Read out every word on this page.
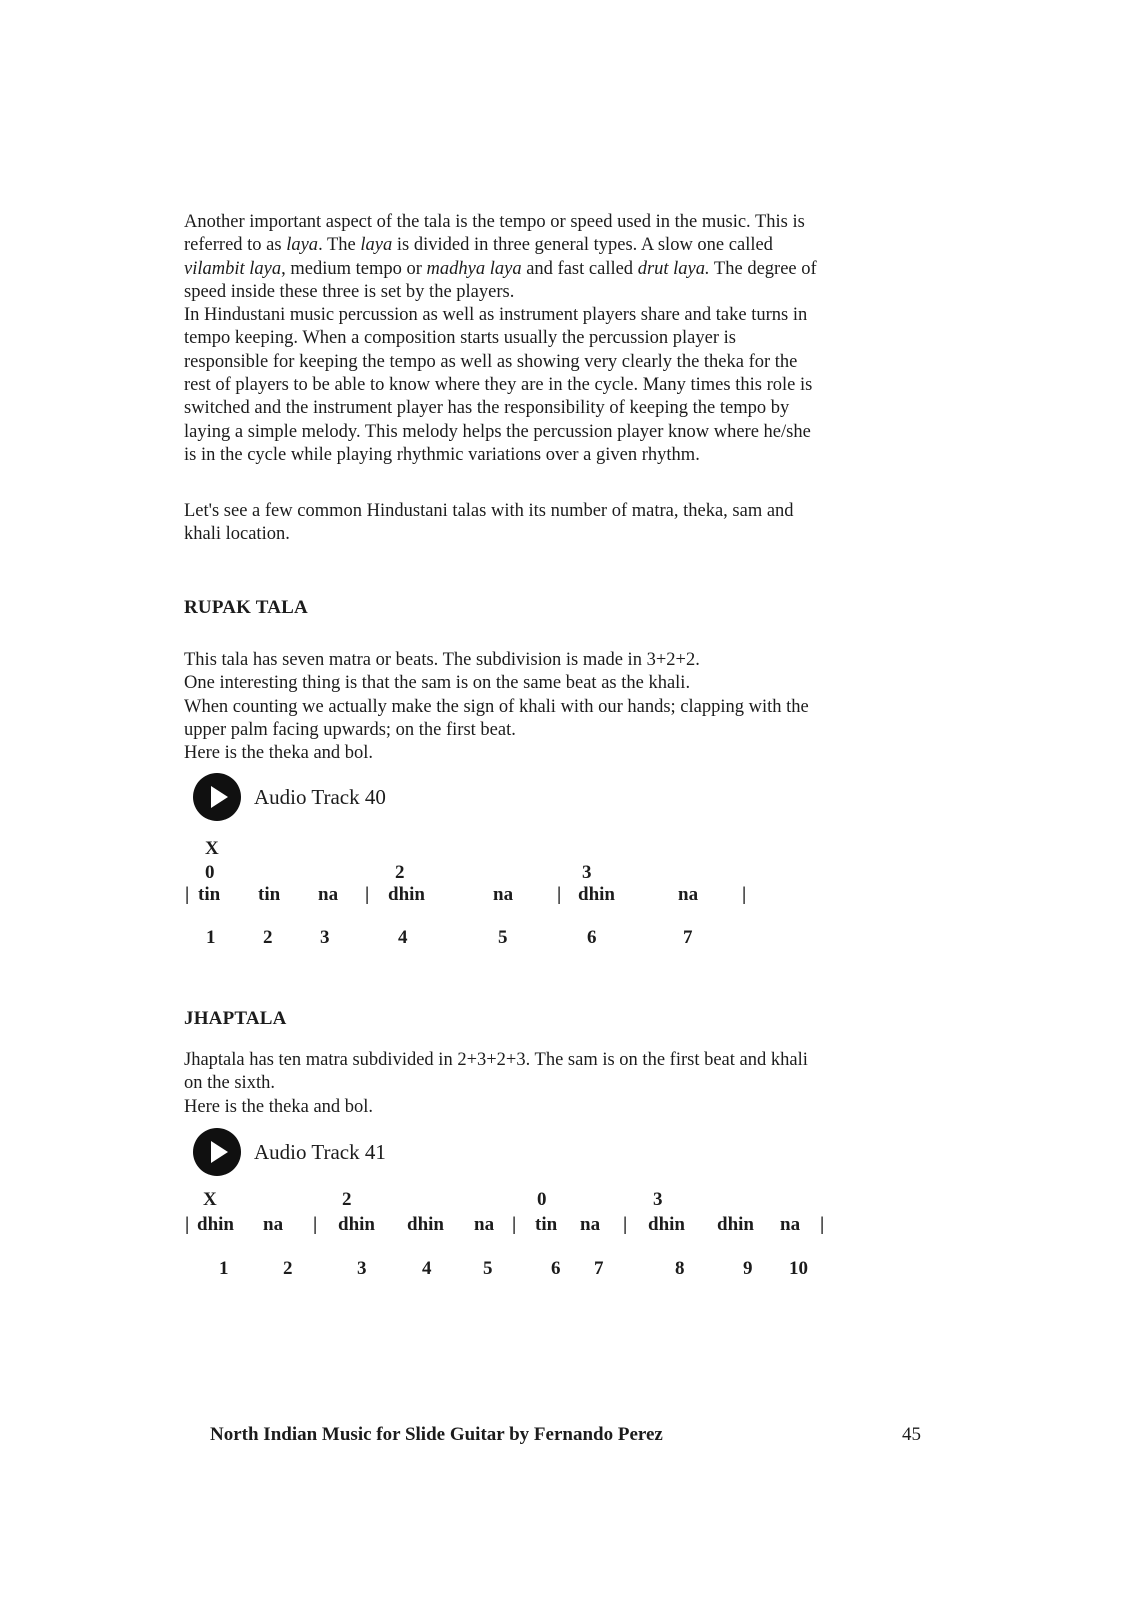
Another important aspect of the tala is the tempo or speed used in the music. This is
referred to as laya. The laya is divided in three general types. A slow one called
vilambit laya, medium tempo or madhya laya and fast called drut laya. The degree of
speed inside these three is set by the players.
In Hindustani music percussion as well as instrument players share and take turns in
tempo keeping. When a composition starts usually the percussion player is
responsible for keeping the tempo as well as showing very clearly the theka for the
rest of players to be able to know where they are in the cycle. Many times this role is
switched and the instrument player has the responsibility of keeping the tempo by
laying a simple melody. This melody helps the percussion player know where he/she
is in the cycle while playing rhythmic variations over a given rhythm.

Let's see a few common Hindustani talas with its number of matra, theka, sam and
khali location.

RUPAK TALA
This tala has seven matra or beats. The subdivision is made in 3+2+2.
One interesting thing is that the sam is on the same beat as the khali.
When counting we actually make the sign of khali with our hands; clapping with the
upper palm facing upwards; on the first beat.
Here is the theka and bol.

Audio Track 40
X
0	2	3
| tin tin na | dhin	na | dhin	na |
1	2	3	4	5	6	7
JHAPTALA
Jhaptala has ten matra subdivided in 2+3+2+3. The sam is on the first beat and khali
on the sixth.
Here is the theka and bol.

Audio Track 41
X	2	0	3
| dhin na | dhin dhin na | tin na | dhin dhin na |
1	2	3	4	5	6 7	8	9 10

North Indian Music for Slide Guitar by Fernando Perez	45
